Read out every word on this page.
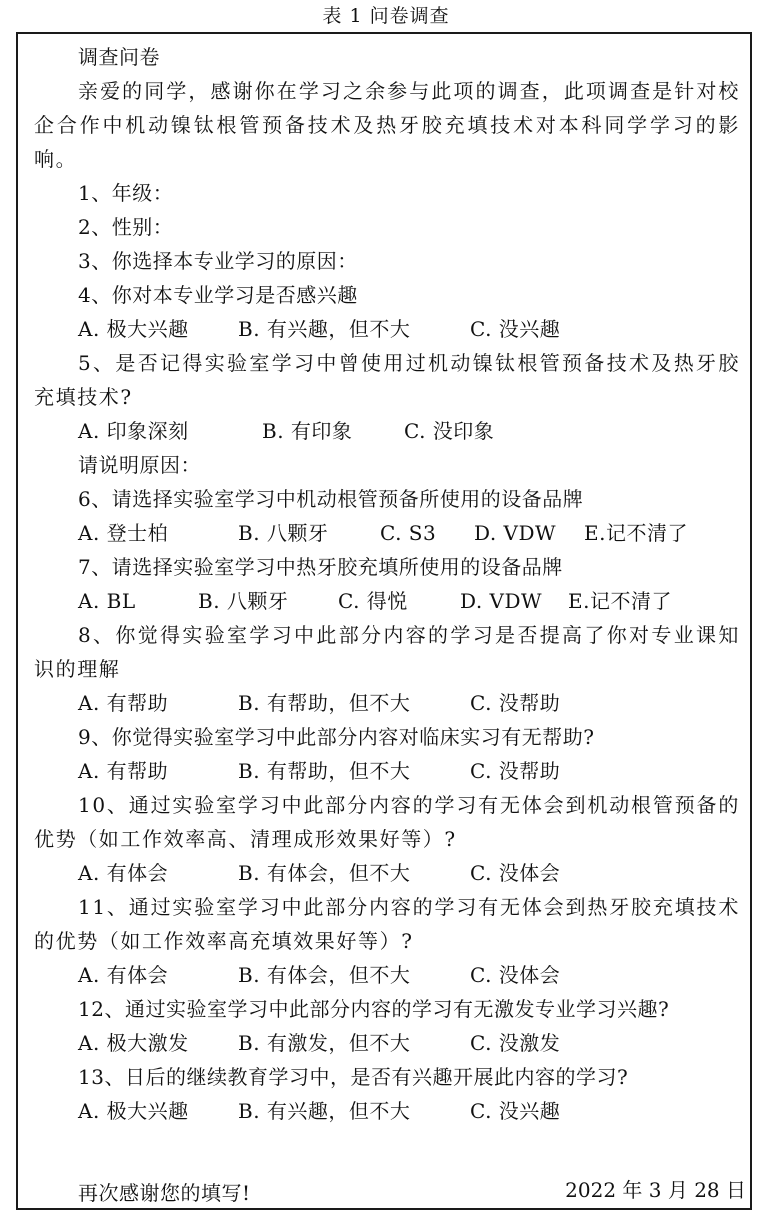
表 1 问卷调查
调查问卷
亲爱的同学，感谢你在学习之余参与此项的调查，此项调查是针对校企合作中机动镍钛根管预备技术及热牙胶充填技术对本科同学学习的影响。
1、年级：
2、性别：
3、你选择本专业学习的原因：
4、你对本专业学习是否感兴趣
A. 极大兴趣 B. 有兴趣，但不大	C. 没兴趣
5、是否记得实验室学习中曾使用过机动镍钛根管预备技术及热牙胶充填技术?
A. 印象深刻	B. 有印象	C. 没印象
请说明原因：
6、请选择实验室学习中机动根管预备所使用的设备品牌
A. 登士柏	B. 八颗牙	C. S3 D. VDW E.记不清了
7、请选择实验室学习中热牙胶充填所使用的设备品牌
A. BL	B. 八颗牙 C. 得悦	D. VDW E.记不清了
8、你觉得实验室学习中此部分内容的学习是否提高了你对专业课知识的理解
A. 有帮助	B. 有帮助，但不大	C. 没帮助
9、你觉得实验室学习中此部分内容对临床实习有无帮助?
A. 有帮助	B. 有帮助，但不大	C. 没帮助
10、通过实验室学习中此部分内容的学习有无体会到机动根管预备的优势（如工作效率高、清理成形效果好等）?
A. 有体会	B. 有体会，但不大	C. 没体会
11、通过实验室学习中此部分内容的学习有无体会到热牙胶充填技术的优势（如工作效率高充填效果好等）?
A. 有体会	B. 有体会，但不大	C. 没体会
12、通过实验室学习中此部分内容的学习有无激发专业学习兴趣?
A. 极大激发 B. 有激发，但不大	C. 没激发
13、日后的继续教育学习中，是否有兴趣开展此内容的学习?
A. 极大兴趣 B. 有兴趣，但不大	C. 没兴趣
再次感谢您的填写!	2022 年 3 月 28 日
